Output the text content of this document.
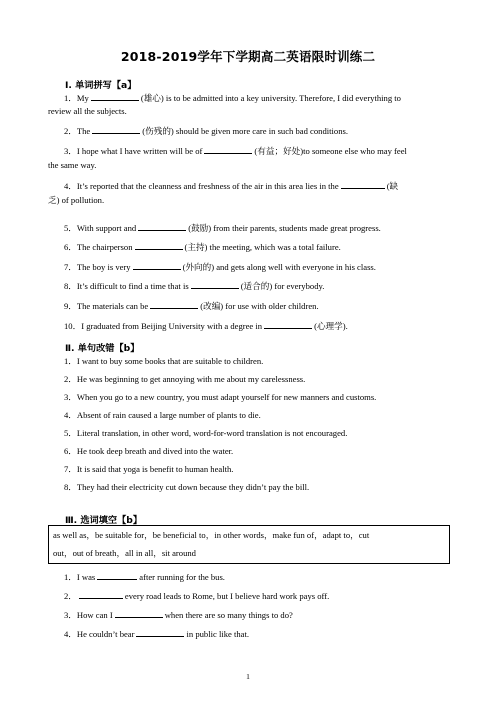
2018-2019学年下学期高二英语限时训练二
Ⅰ. 单词拼写【a】
1．My	(雄心) is to be admitted into a key university. Therefore, I did everything to
review all the subjects.
2．The	(伤残的) should be given more care in such bad conditions.
3．I hope what I have written will be of	(有益；好处)to someone else who may feel
the same way.
4．It’s reported that the cleanness and freshness of the air in this area lies in the	(缺
乏) of pollution.
5．With support and	(鼓励) from their parents, students made great progress.
6．The chairperson	(主持) the meeting, which was a total failure.
7．The boy is very	(外向的) and gets along well with everyone in his class.
8．It’s difficult to find a time that is	(适合的) for everybody.
9．The materials can be	(改编) for use with older children.
10．I graduated from Beijing University with a degree in	(心理学).
Ⅱ. 单句改错【b】
1．I want to buy some books that are suitable to children.
2．He was beginning to get annoying with me about my carelessness.
3．When you go to a new country, you must adapt yourself for new manners and customs.
4．Absent of rain caused a large number of plants to die.
5．Literal translation, in other word, word-for-word translation is not encouraged.
6．He took deep breath and dived into the water.
7．It is said that yoga is benefit to human health.
8．They had their electricity cut down because they didn’t pay the bill.
Ⅲ. 选词填空【b】
as well as，be suitable for，be beneficial to，in other words，make fun of，adapt to，cut
out，out of breath，all in all，sit around
1．I was	after running for the bus.
2．	every road leads to Rome, but I believe hard work pays off.
3．How can I	when there are so many things to do?
4．He couldn’t bear	in public like that.
1
